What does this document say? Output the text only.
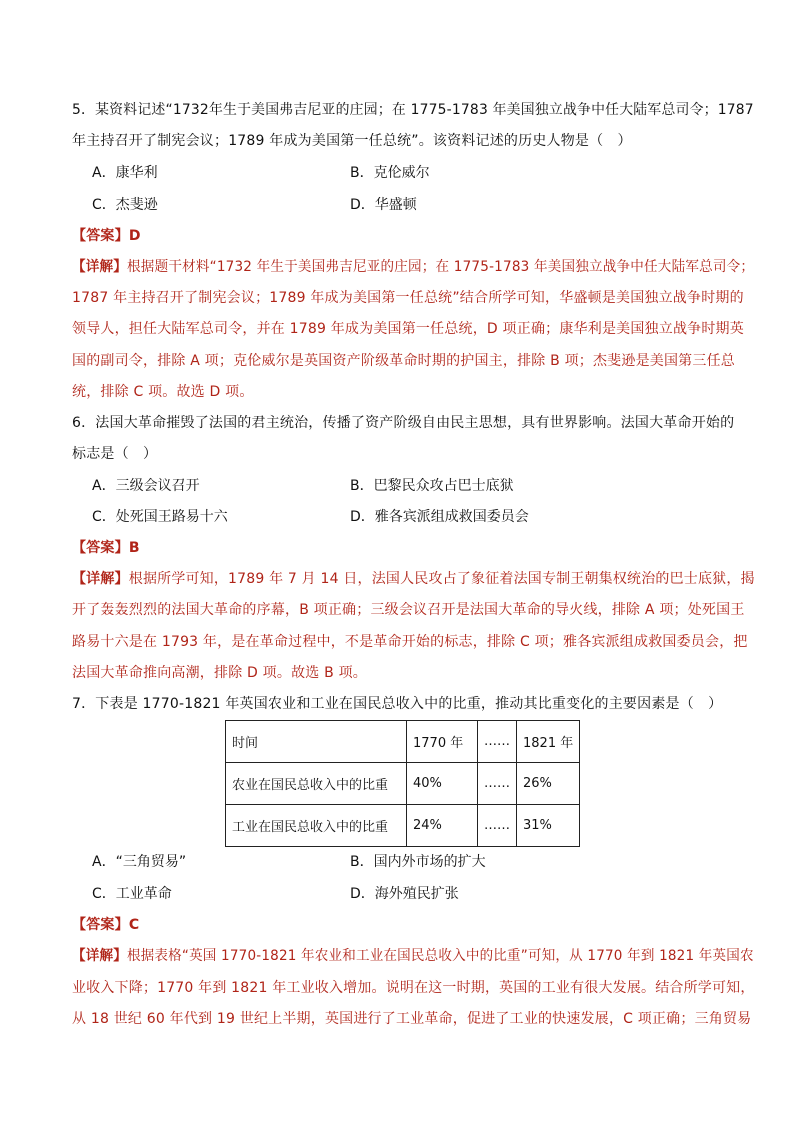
5．某资料记述“1732年生于美国弗吉尼亚的庄园；在 1775-1783 年美国独立战争中任大陆军总司令；1787
年主持召开了制宪会议；1789 年成为美国第一任总统”。该资料记述的历史人物是（　）
A．康华利	B．克伦威尔
C．杰斐逊	D．华盛顿
【答案】D
【详解】根据题干材料“1732 年生于美国弗吉尼亚的庄园；在 1775-1783 年美国独立战争中任大陆军总司令；
1787 年主持召开了制宪会议；1789 年成为美国第一任总统”结合所学可知，华盛顿是美国独立战争时期的
领导人，担任大陆军总司令，并在 1789 年成为美国第一任总统，D 项正确；康华利是美国独立战争时期英
国的副司令，排除 A 项；克伦威尔是英国资产阶级革命时期的护国主，排除 B 项；杰斐逊是美国第三任总
统，排除 C 项。故选 D 项。
6．法国大革命摧毁了法国的君主统治，传播了资产阶级自由民主思想，具有世界影响。法国大革命开始的
标志是（　）
A．三级会议召开	B．巴黎民众攻占巴士底狱
C．处死国王路易十六	D．雅各宾派组成救国委员会
【答案】B
【详解】根据所学可知，1789 年 7 月 14 日，法国人民攻占了象征着法国专制王朝集权统治的巴士底狱，揭
开了轰轰烈烈的法国大革命的序幕，B 项正确；三级会议召开是法国大革命的导火线，排除 A 项；处死国王
路易十六是在 1793 年，是在革命过程中，不是革命开始的标志，排除 C 项；雅各宾派组成救国委员会，把
法国大革命推向高潮，排除 D 项。故选 B 项。
7．下表是 1770-1821 年英国农业和工业在国民总收入中的比重，推动其比重变化的主要因素是（　）
时间	1770 年	……	1821 年
农业在国民总收入中的比重	40%	……	26%
工业在国民总收入中的比重	24%	……	31%
A．“三角贸易”	B．国内外市场的扩大
C．工业革命	D．海外殖民扩张
【答案】C
【详解】根据表格“英国 1770-1821 年农业和工业在国民总收入中的比重”可知，从 1770 年到 1821 年英国农
业收入下降；1770 年到 1821 年工业收入增加。说明在这一时期，英国的工业有很大发展。结合所学可知，
从 18 世纪 60 年代到 19 世纪上半期，英国进行了工业革命，促进了工业的快速发展，C 项正确；三角贸易
